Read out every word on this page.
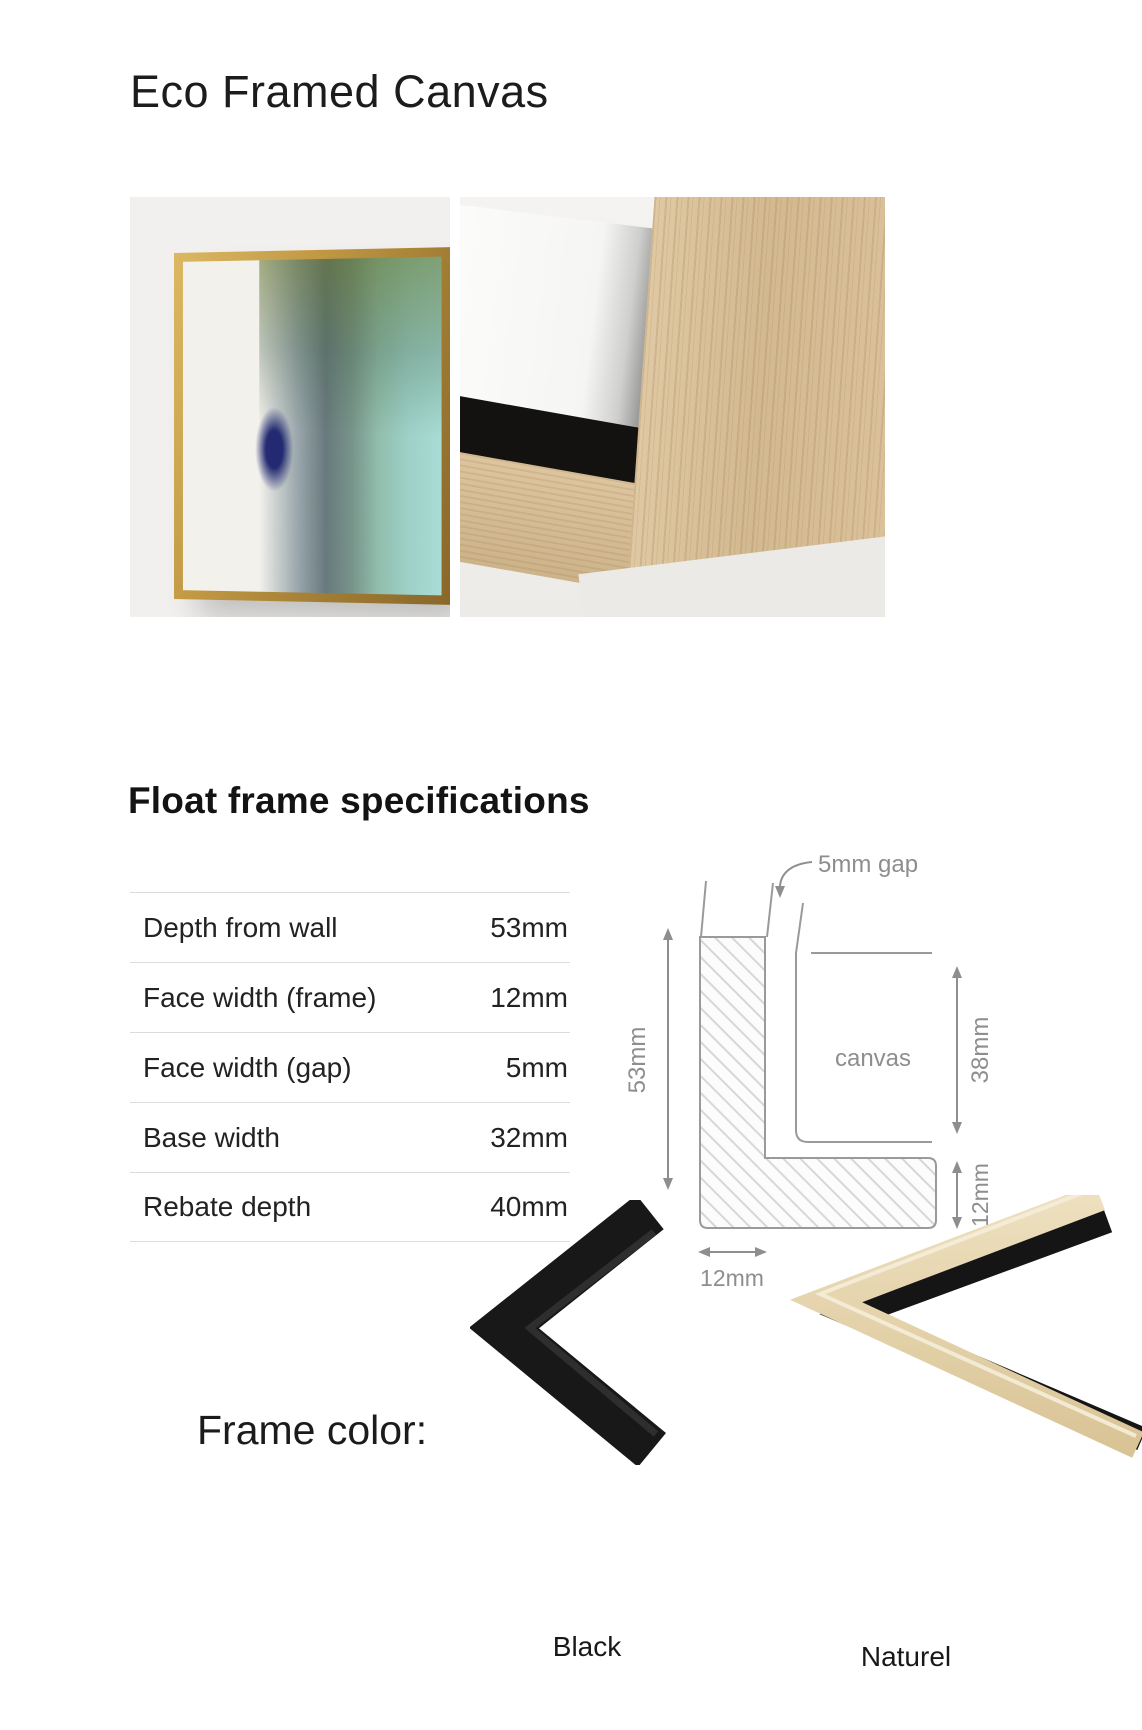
Eco Framed Canvas
Float frame specifications
Depth from wall	53mm
Face width (frame)	12mm
Face width (gap)	5mm
Base width	32mm
Rebate depth	40mm
canvas
5mm gap
53mm	38mm
12mm
12mm
Frame color:
Black	Naturel
